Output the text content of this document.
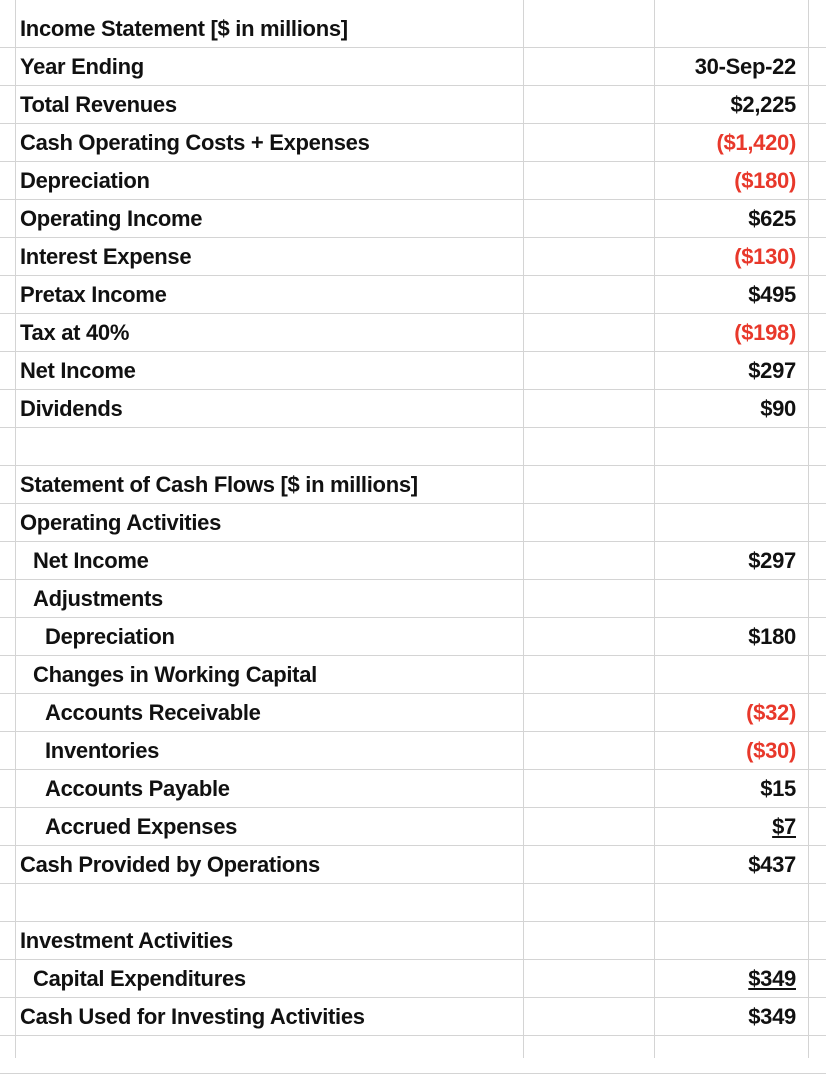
Income Statement [$ in millions]
Year Ending	30-Sep-22
Total Revenues	$2,225
Cash Operating Costs + Expenses	($1,420)
Depreciation	($180)
Operating Income	$625
Interest Expense	($130)
Pretax Income	$495
Tax at 40%	($198)
Net Income	$297
Dividends	$90
Statement of Cash Flows [$ in millions]
Operating Activities
Net Income	$297
Adjustments
Depreciation	$180
Changes in Working Capital
Accounts Receivable	($32)
Inventories	($30)
Accounts Payable	$15
Accrued Expenses	$7
Cash Provided by Operations	$437
Investment Activities
Capital Expenditures	$349
Cash Used for Investing Activities	$349
